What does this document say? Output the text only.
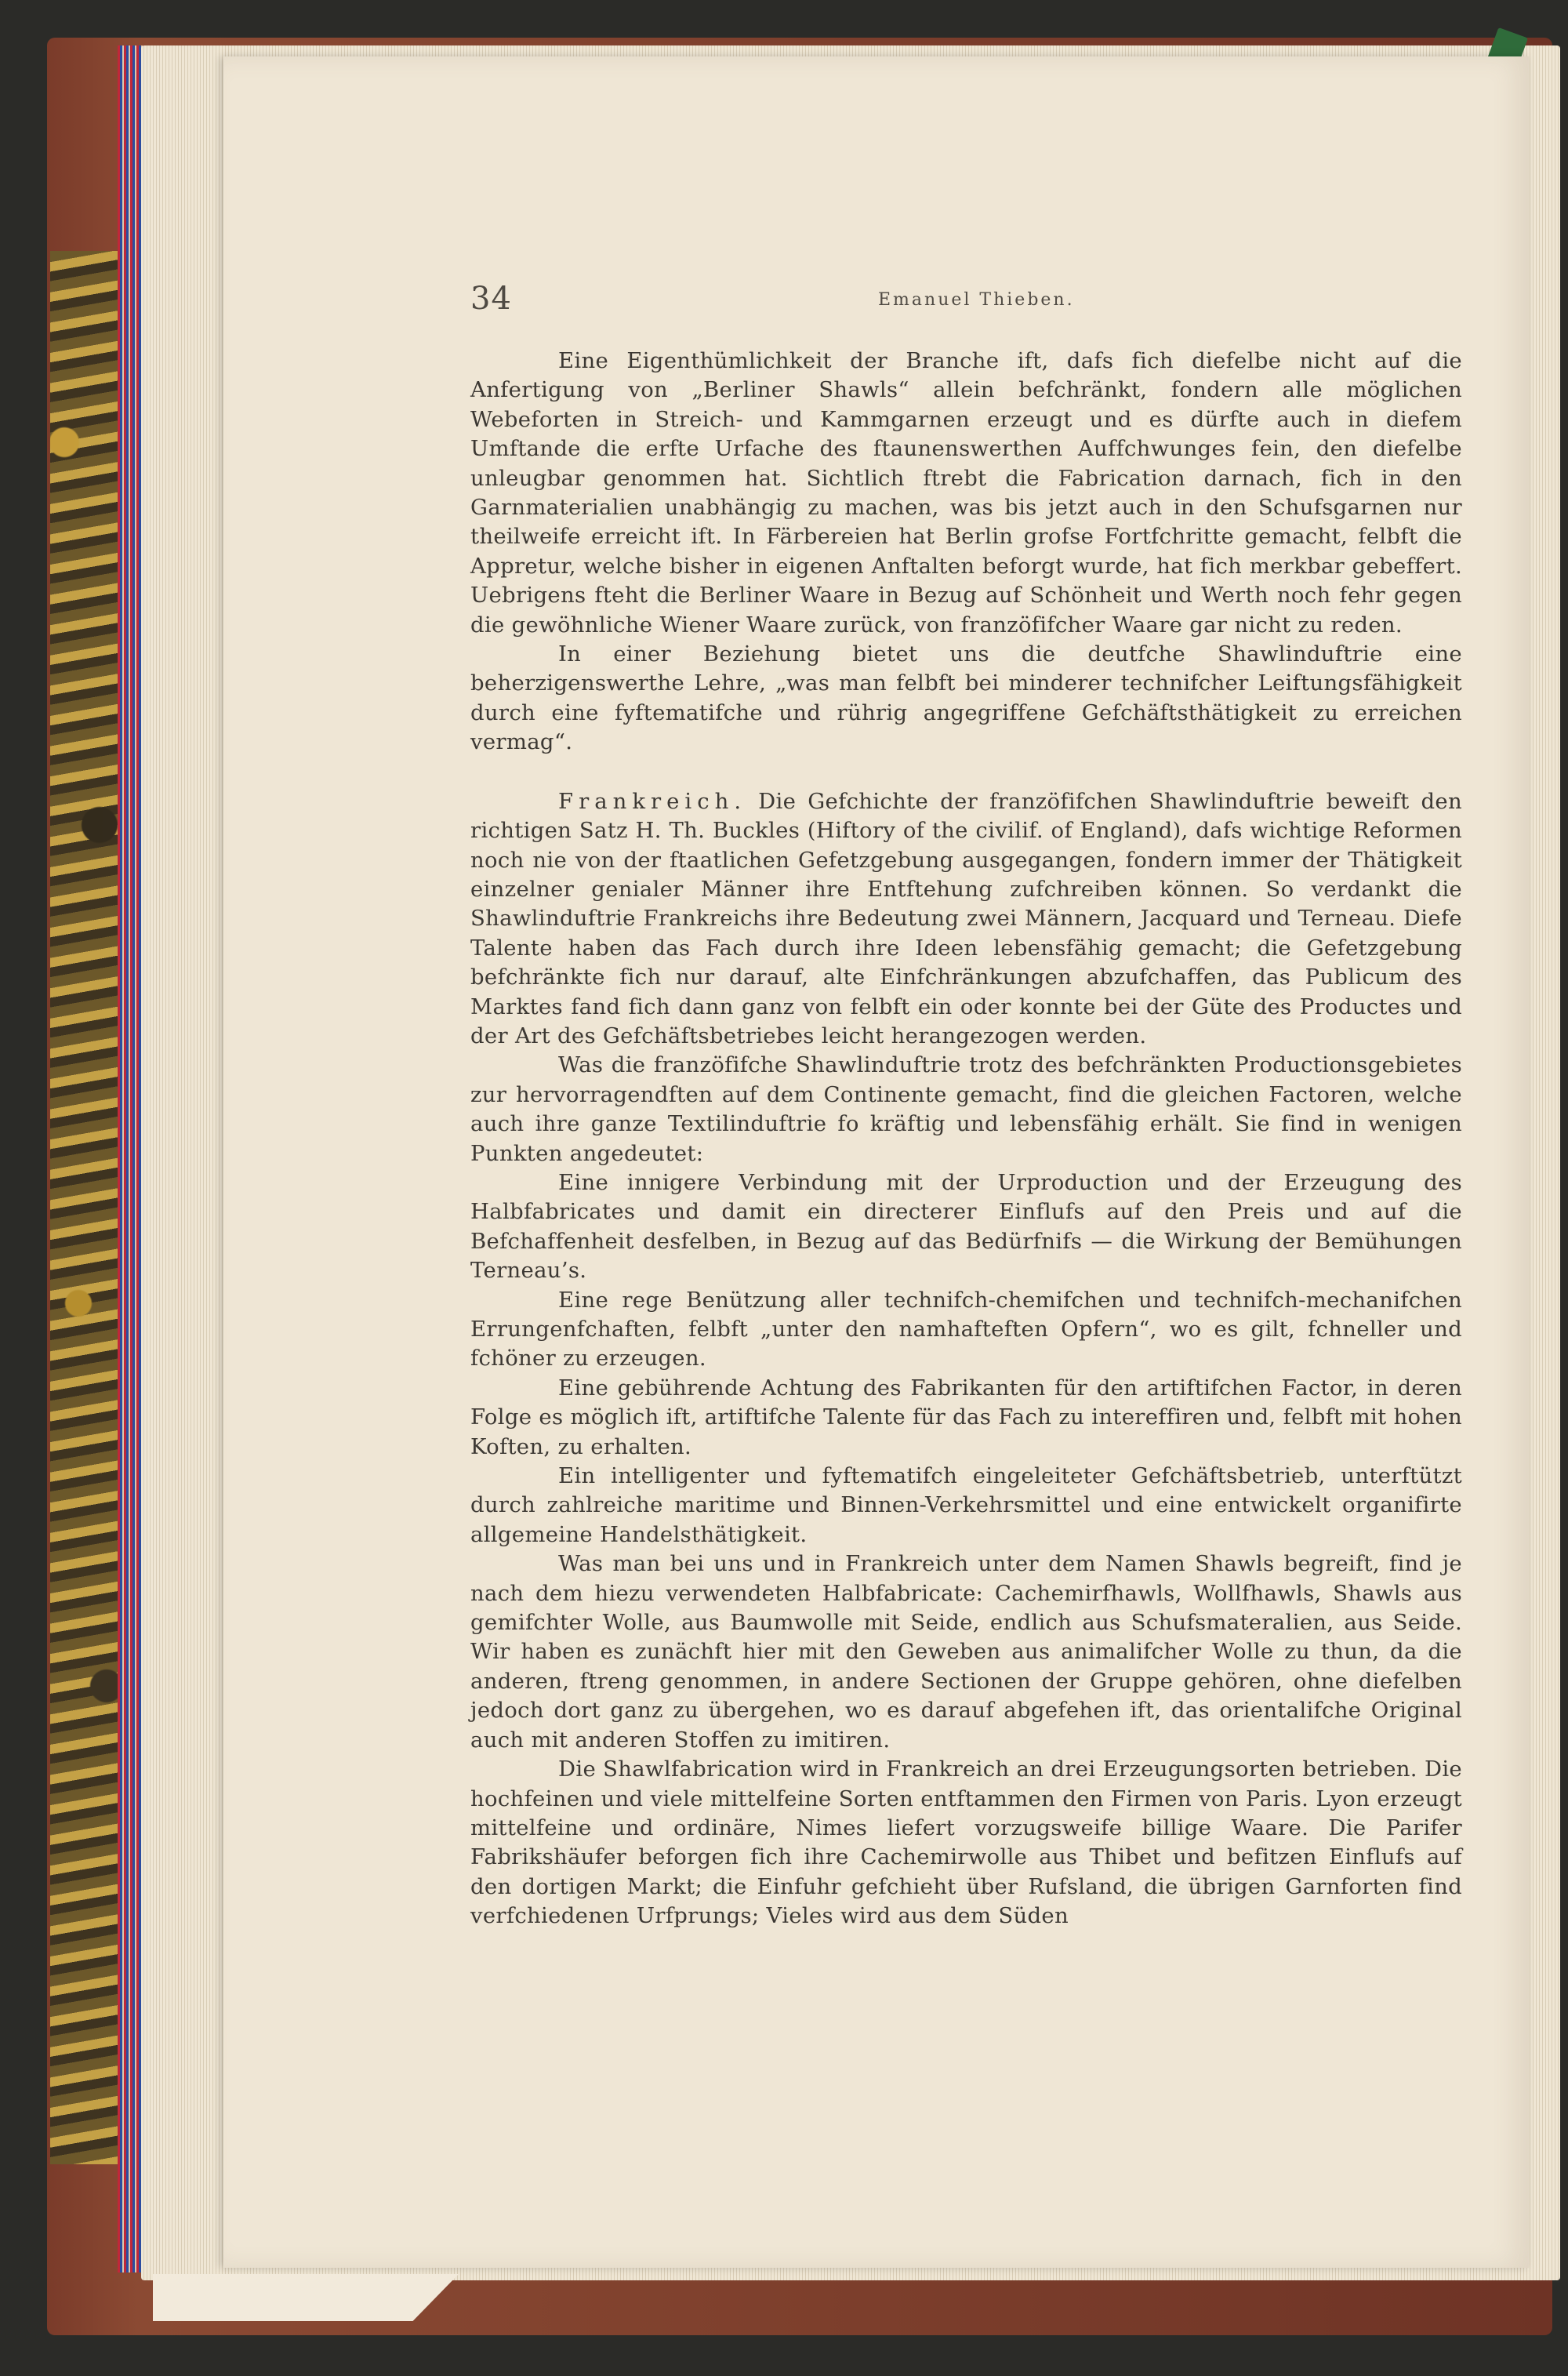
34	Emanuel Thieben.

Eine Eigenthümlichkeit der Branche ift, dafs fich diefelbe nicht auf die Anfertigung von „Berliner Shawls“ allein befchränkt, fondern alle möglichen Webeforten in Streich- und Kammgarnen erzeugt und es dürfte auch in diefem Umftande die erfte Urfache des ftaunenswerthen Auffchwunges fein, den diefelbe unleugbar genommen hat. Sichtlich ftrebt die Fabrication darnach, fich in den Garnmaterialien unabhängig zu machen, was bis jetzt auch in den Schufsgarnen nur theilweife erreicht ift. In Färbereien hat Berlin grofse Fortfchritte gemacht, felbft die Appretur, welche bisher in eigenen Anftalten beforgt wurde, hat fich merkbar gebeffert. Uebrigens fteht die Berliner Waare in Bezug auf Schönheit und Werth noch fehr gegen die gewöhnliche Wiener Waare zurück, von franzöfifcher Waare gar nicht zu reden.

In einer Beziehung bietet uns die deutfche Shawlinduftrie eine beherzigenswerthe Lehre, „was man felbft bei minderer technifcher Leiftungsfähigkeit durch eine fyftematifche und rührig angegriffene Gefchäftsthätigkeit zu erreichen vermag“.

Frankreich. Die Gefchichte der franzöfifchen Shawlinduftrie beweift den richtigen Satz H. Th. Buckles (Hiftory of the civilif. of England), dafs wichtige Reformen noch nie von der ftaatlichen Gefetzgebung ausgegangen, fondern immer der Thätigkeit einzelner genialer Männer ihre Entftehung zufchreiben können. So verdankt die Shawlinduftrie Frankreichs ihre Bedeutung zwei Männern, Jacquard und Terneau. Diefe Talente haben das Fach durch ihre Ideen lebensfähig gemacht; die Gefetzgebung befchränkte fich nur darauf, alte Einfchränkungen abzufchaffen, das Publicum des Marktes fand fich dann ganz von felbft ein oder konnte bei der Güte des Productes und der Art des Gefchäftsbetriebes leicht herangezogen werden.

Was die franzöfifche Shawlinduftrie trotz des befchränkten Productionsgebietes zur hervorragendften auf dem Continente gemacht, find die gleichen Factoren, welche auch ihre ganze Textilinduftrie fo kräftig und lebensfähig erhält. Sie find in wenigen Punkten angedeutet:

Eine innigere Verbindung mit der Urproduction und der Erzeugung des Halbfabricates und damit ein directerer Einflufs auf den Preis und auf die Befchaffenheit desfelben, in Bezug auf das Bedürfnifs — die Wirkung der Bemühungen Terneau’s.

Eine rege Benützung aller technifch-chemifchen und technifch-mechanifchen Errungenfchaften, felbft „unter den namhafteften Opfern“, wo es gilt, fchneller und fchöner zu erzeugen.

Eine gebührende Achtung des Fabrikanten für den artiftifchen Factor, in deren Folge es möglich ift, artiftifche Talente für das Fach zu intereffiren und, felbft mit hohen Koften, zu erhalten.

Ein intelligenter und fyftematifch eingeleiteter Gefchäftsbetrieb, unterftützt durch zahlreiche maritime und Binnen-Verkehrsmittel und eine entwickelt organifirte allgemeine Handelsthätigkeit.

Was man bei uns und in Frankreich unter dem Namen Shawls begreift, find je nach dem hiezu verwendeten Halbfabricate: Cachemirfhawls, Wollfhawls, Shawls aus gemifchter Wolle, aus Baumwolle mit Seide, endlich aus Schufsmateralien, aus Seide. Wir haben es zunächft hier mit den Geweben aus animalifcher Wolle zu thun, da die anderen, ftreng genommen, in andere Sectionen der Gruppe gehören, ohne diefelben jedoch dort ganz zu übergehen, wo es darauf abgefehen ift, das orientalifche Original auch mit anderen Stoffen zu imitiren.

Die Shawlfabrication wird in Frankreich an drei Erzeugungsorten betrieben. Die hochfeinen und viele mittelfeine Sorten entftammen den Firmen von Paris. Lyon erzeugt mittelfeine und ordinäre, Nimes liefert vorzugsweife billige Waare. Die Parifer Fabrikshäufer beforgen fich ihre Cachemirwolle aus Thibet und befitzen Einflufs auf den dortigen Markt; die Einfuhr gefchieht über Rufsland, die übrigen Garnforten find verfchiedenen Urfprungs; Vieles wird aus dem Süden
